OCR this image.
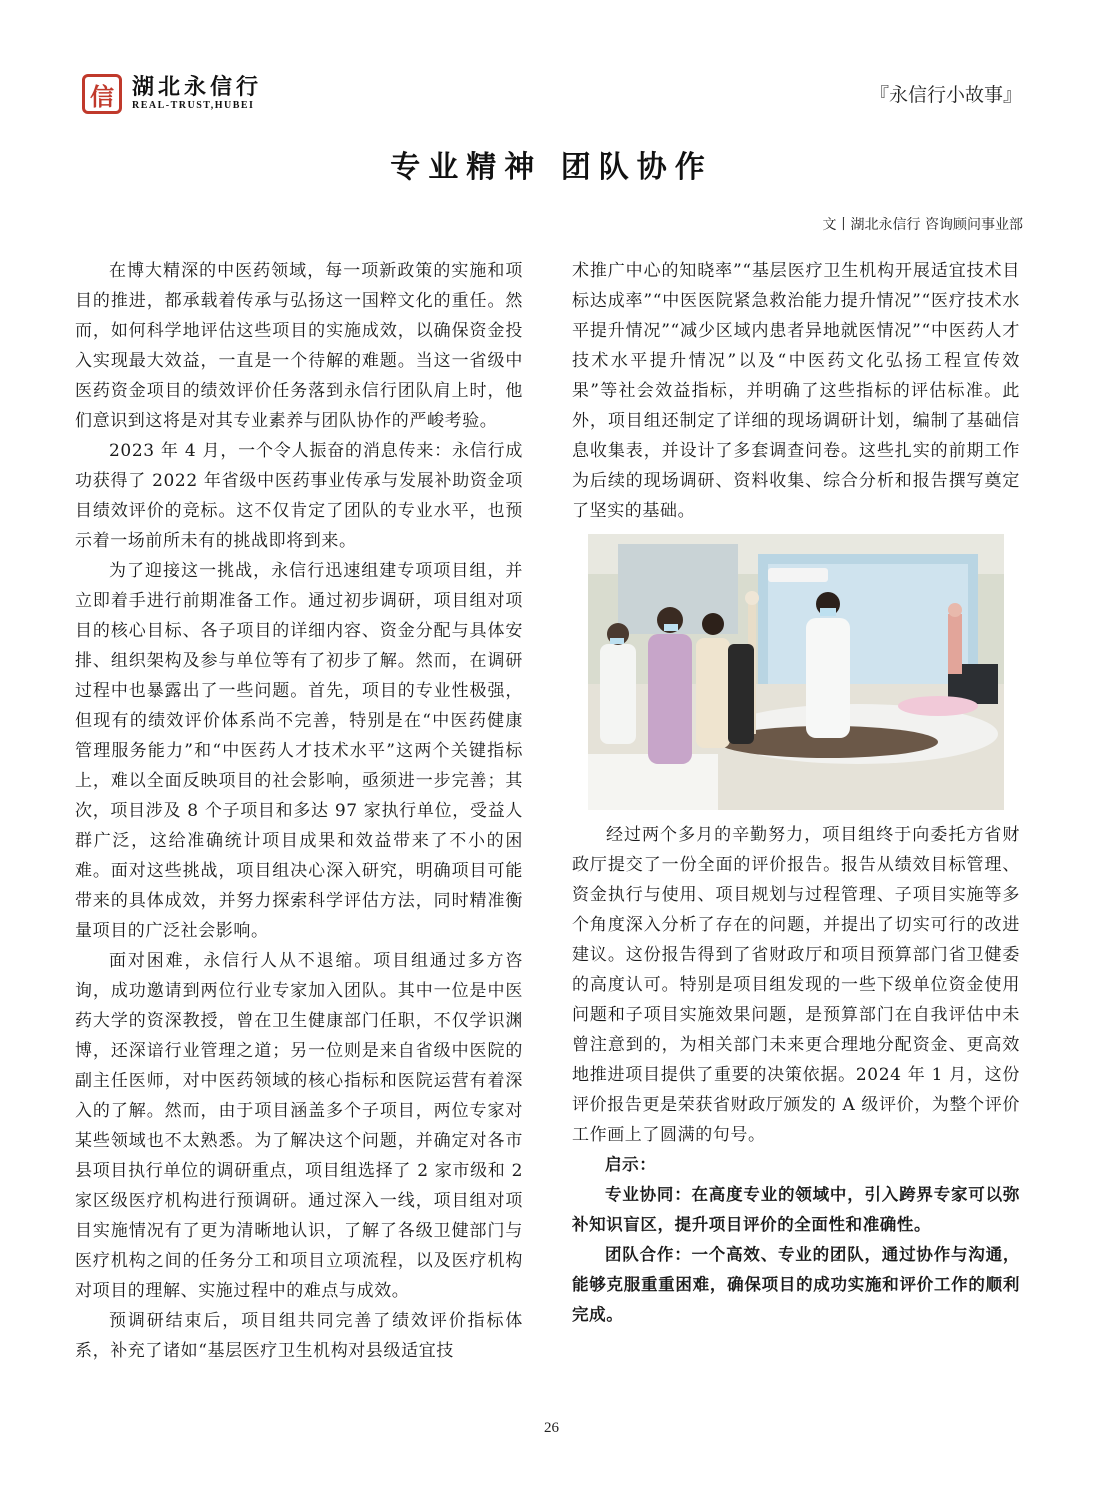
信 湖北永信行
REAL-TRUST,HUBEI	『永信行小故事』
专业精神 团队协作
文丨湖北永信行 咨询顾问事业部

在博大精深的中医药领域，每一项新政策的实施和项目的推进，都承载着传承与弘扬这一国粹文化的重任。然而，如何科学地评估这些项目的实施成效，以确保资金投入实现最大效益，一直是一个待解的难题。当这一省级中医药资金项目的绩效评价任务落到永信行团队肩上时，他们意识到这将是对其专业素养与团队协作的严峻考验。

2023 年 4 月，一个令人振奋的消息传来：永信行成功获得了 2022 年省级中医药事业传承与发展补助资金项目绩效评价的竞标。这不仅肯定了团队的专业水平，也预示着一场前所未有的挑战即将到来。

为了迎接这一挑战，永信行迅速组建专项项目组，并立即着手进行前期准备工作。通过初步调研，项目组对项目的核心目标、各子项目的详细内容、资金分配与具体安排、组织架构及参与单位等有了初步了解。然而，在调研过程中也暴露出了一些问题。首先，项目的专业性极强，但现有的绩效评价体系尚不完善，特别是在“中医药健康管理服务能力”和“中医药人才技术水平”这两个关键指标上，难以全面反映项目的社会影响，亟须进一步完善；其次，项目涉及 8 个子项目和多达 97 家执行单位，受益人群广泛，这给准确统计项目成果和效益带来了不小的困难。面对这些挑战，项目组决心深入研究，明确项目可能带来的具体成效，并努力探索科学评估方法，同时精准衡量项目的广泛社会影响。

面对困难，永信行人从不退缩。项目组通过多方咨询，成功邀请到两位行业专家加入团队。其中一位是中医药大学的资深教授，曾在卫生健康部门任职，不仅学识渊博，还深谙行业管理之道；另一位则是来自省级中医院的副主任医师，对中医药领域的核心指标和医院运营有着深入的了解。然而，由于项目涵盖多个子项目，两位专家对某些领域也不太熟悉。为了解决这个问题，并确定对各市县项目执行单位的调研重点，项目组选择了 2 家市级和 2 家区级医疗机构进行预调研。通过深入一线，项目组对项目实施情况有了更为清晰地认识，了解了各级卫健部门与医疗机构之间的任务分工和项目立项流程，以及医疗机构对项目的理解、实施过程中的难点与成效。

预调研结束后，项目组共同完善了绩效评价指标体系，补充了诸如“基层医疗卫生机构对县级适宜技

术推广中心的知晓率”“基层医疗卫生机构开展适宜技术目标达成率”“中医医院紧急救治能力提升情况”“医疗技术水平提升情况”“减少区域内患者异地就医情况”“中医药人才技术水平提升情况”以及“中医药文化弘扬工程宣传效果”等社会效益指标，并明确了这些指标的评估标准。此外，项目组还制定了详细的现场调研计划，编制了基础信息收集表，并设计了多套调查问卷。这些扎实的前期工作为后续的现场调研、资料收集、综合分析和报告撰写奠定了坚实的基础。

经过两个多月的辛勤努力，项目组终于向委托方省财政厅提交了一份全面的评价报告。报告从绩效目标管理、资金执行与使用、项目规划与过程管理、子项目实施等多个角度深入分析了存在的问题，并提出了切实可行的改进建议。这份报告得到了省财政厅和项目预算部门省卫健委的高度认可。特别是项目组发现的一些下级单位资金使用问题和子项目实施效果问题，是预算部门在自我评估中未曾注意到的，为相关部门未来更合理地分配资金、更高效地推进项目提供了重要的决策依据。2024 年 1 月，这份评价报告更是荣获省财政厅颁发的 A 级评价，为整个评价工作画上了圆满的句号。

启示：

专业协同：在高度专业的领域中，引入跨界专家可以弥补知识盲区，提升项目评价的全面性和准确性。

团队合作：一个高效、专业的团队，通过协作与沟通，能够克服重重困难，确保项目的成功实施和评价工作的顺利完成。

26
